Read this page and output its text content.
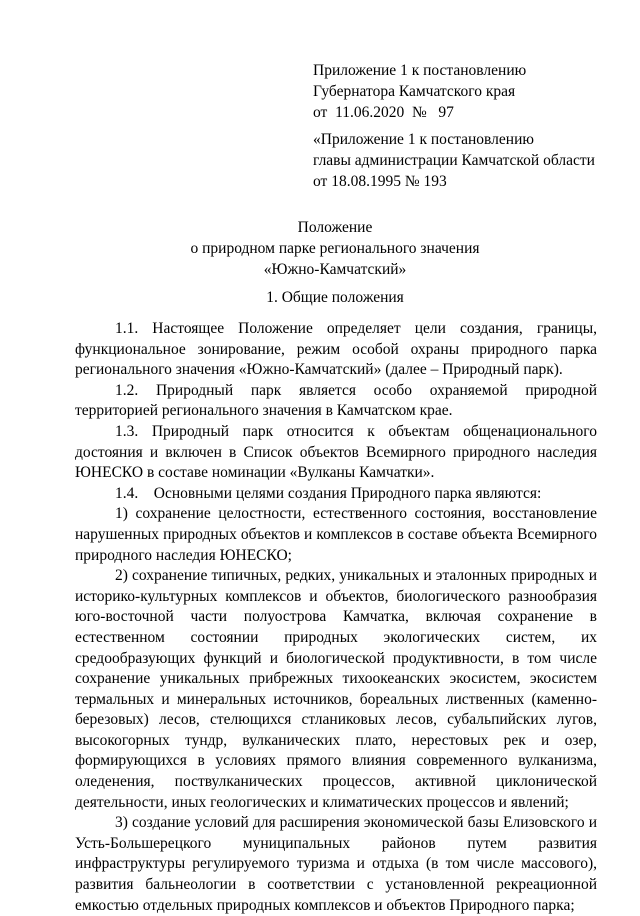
Приложение 1 к постановлению
Губернатора Камчатского края
от  11.06.2020  №   97
«Приложение 1 к постановлению
главы администрации Камчатской области
от 18.08.1995 № 193
Положение
о природном парке регионального значения
«Южно-Камчатский»
1. Общие положения

1.1. Настоящее Положение определяет цели создания, границы, функциональное зонирование, режим особой охраны природного парка регионального значения «Южно-Камчатский» (далее – Природный парк).

1.2. Природный парк является особо охраняемой природной территорией регионального значения в Камчатском крае.

1.3. Природный парк относится к объектам общенационального достояния и включен в Список объектов Всемирного природного наследия ЮНЕСКО в составе номинации «Вулканы Камчатки».

1.4.    Основными целями создания Природного парка являются:

1) сохранение целостности, естественного состояния, восстановление нарушенных природных объектов и комплексов в составе объекта Всемирного природного наследия ЮНЕСКО;

2) сохранение типичных, редких, уникальных и эталонных природных и историко-культурных комплексов и объектов, биологического разнообразия юго-восточной части полуострова Камчатка, включая сохранение в естественном состоянии природных экологических систем, их средообразующих функций и биологической продуктивности, в том числе сохранение уникальных прибрежных тихоокеанских экосистем, экосистем термальных и минеральных источников, бореальных лиственных (каменно-березовых) лесов, стелющихся стланиковых лесов, субальпийских лугов, высокогорных тундр, вулканических плато, нерестовых рек и озер, формирующихся в условиях прямого влияния современного вулканизма, оледенения, поствулканических процессов, активной циклонической деятельности, иных геологических и климатических процессов и явлений;

3) создание условий для расширения экономической базы Елизовского и Усть-Большерецкого муниципальных районов путем развития инфраструктуры регулируемого туризма и отдыха (в том числе массового), развития бальнеологии в соответствии с установленной рекреационной емкостью отдельных природных комплексов и объектов Природного парка;
